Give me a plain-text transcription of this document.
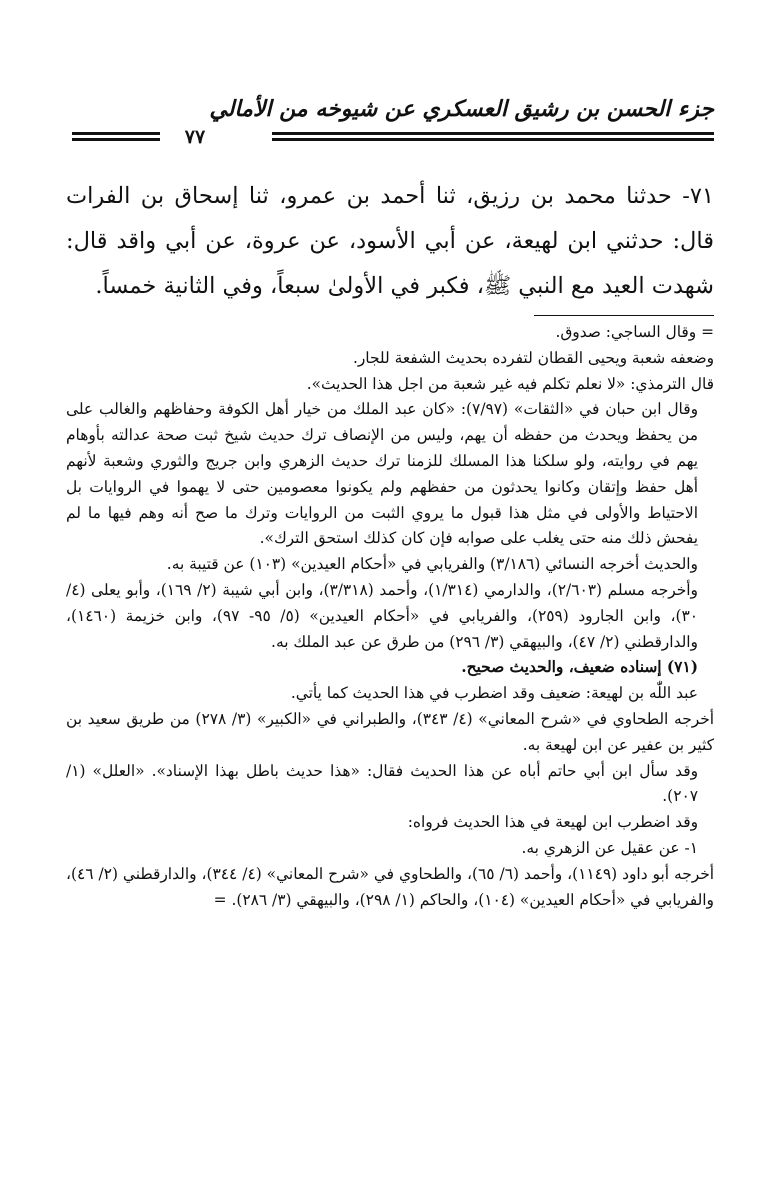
جزء الحسن بن رشيق العسكري عن شيوخه من الأمالي
٧٧

٧١- حدثنا محمد بن رزيق، ثنا أحمد بن عمرو، ثنا إسحاق بن الفرات قال: حدثني ابن لهيعة، عن أبي الأسود، عن عروة، عن أبي واقد قال: شهدت العيد مع النبي ﷺ، فكبر في الأولىٰ سبعاً، وفي الثانية خمساً.

= وقال الساجي: صدوق.

وضعفه شعبة ويحيى القطان لتفرده بحديث الشفعة للجار.

قال الترمذي: «لا نعلم تكلم فيه غير شعبة من اجل هذا الحديث».

وقال ابن حبان في «الثقات» (٧/٩٧): «كان عبد الملك من خيار أهل الكوفة وحفاظهم والغالب على من يحفظ ويحدث من حفظه أن يهم، وليس من الإنصاف ترك حديث شيخ ثبت صحة عدالته بأوهام يهم في روايته، ولو سلكنا هذا المسلك للزمنا ترك حديث الزهري وابن جريج والثوري وشعبة لأنهم أهل حفظ وإتقان وكانوا يحدثون من حفظهم ولم يكونوا معصومين حتى لا يهموا في الروايات بل الاحتياط والأولى في مثل هذا قبول ما يروي الثبت من الروايات وترك ما صح أنه وهم فيها ما لم يفحش ذلك منه حتى يغلب على صوابه فإن كان كذلك استحق الترك».

والحديث أخرجه النسائي (٣/١٨٦) والفريابي في «أحكام العيدين» (١٠٣) عن قتيبة به.

وأخرجه مسلم (٢/٦٠٣)، والدارمي (١/٣١٤)، وأحمد (٣/٣١٨)، وابن أبي شيبة (٢/ ١٦٩)، وأبو يعلى (٤/ ٣٠)، وابن الجارود (٢٥٩)، والفريابي في «أحكام العيدين» (٥/ ٩٥- ٩٧)، وابن خزيمة (١٤٦٠)، والدارقطني (٢/ ٤٧)، والبيهقي (٣/ ٢٩٦) من طرق عن عبد الملك به.

(٧١) إسناده ضعيف، والحديث صحيح.

عبد اللّٰه بن لهيعة: ضعيف وقد اضطرب في هذا الحديث كما يأتي.

أخرجه الطحاوي في «شرح المعاني» (٤/ ٣٤٣)، والطبراني في «الكبير» (٣/ ٢٧٨) من طريق سعيد بن كثير بن عفير عن ابن لهيعة به.

وقد سأل ابن أبي حاتم أباه عن هذا الحديث فقال: «هذا حديث باطل بهذا الإسناد». «العلل» (١/ ٢٠٧).

وقد اضطرب ابن لهيعة في هذا الحديث فرواه:

١- عن عقيل عن الزهري به.

أخرجه أبو داود (١١٤٩)، وأحمد (٦/ ٦٥)، والطحاوي في «شرح المعاني» (٤/ ٣٤٤)، والدارقطني (٢/ ٤٦)، والفريابي في «أحكام العيدين» (١٠٤)، والحاكم (١/ ٢٩٨)، والبيهقي (٣/ ٢٨٦). =
